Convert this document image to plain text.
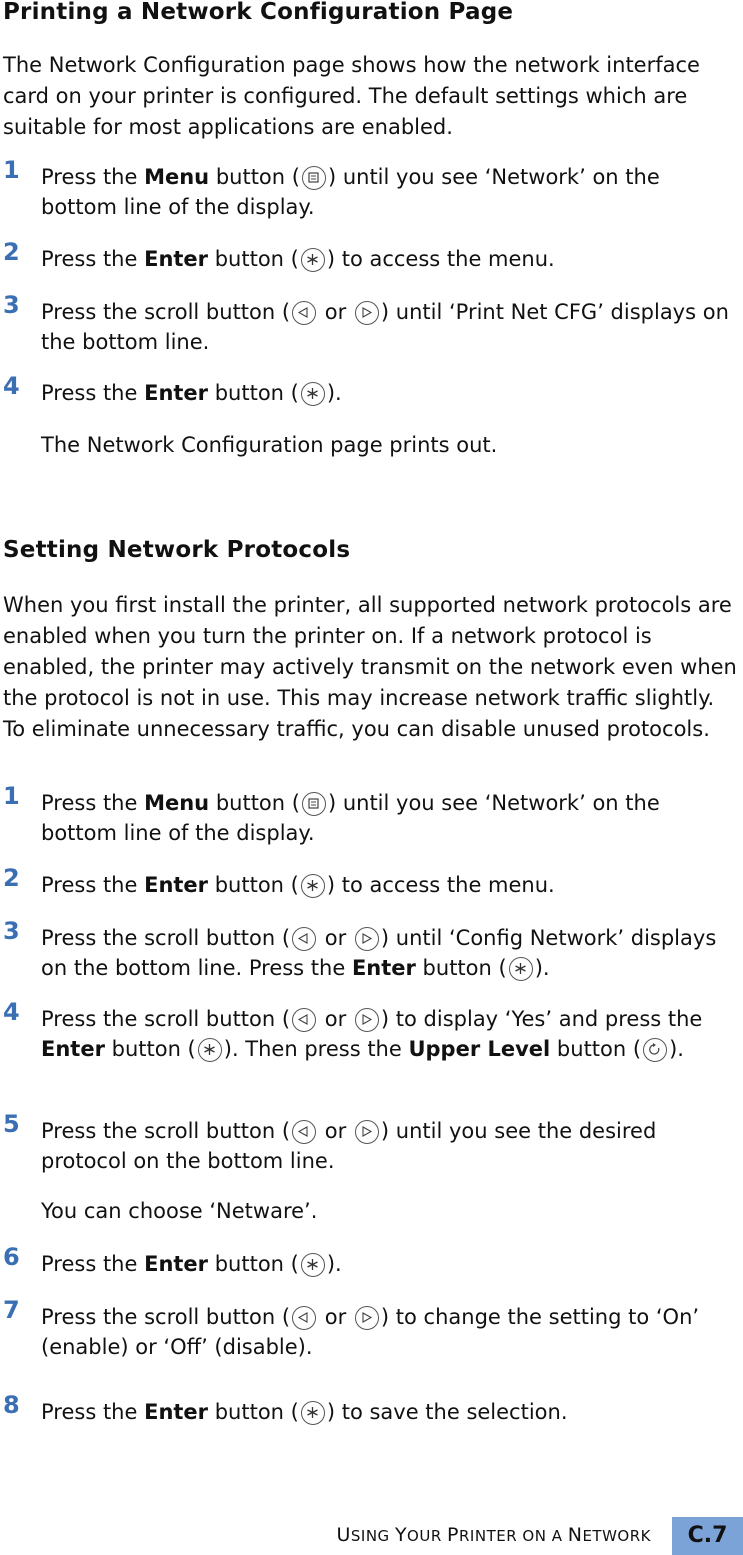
Printing a Network Configuration Page

The Network Configuration page shows how the network interface card on your printer is configured. The default settings which are suitable for most applications are enabled.

1 Press the Menu button ( ) until you see ‘Network’ on the bottom line of the display.
2 Press the Enter button ( ) to access the menu.
3 Press the scroll button (
or
) until ‘Print Net CFG’ displays on the bottom line.
4 Press the Enter button ( ).
The Network Configuration page prints out.
Setting Network Protocols

When you first install the printer, all supported network protocols are enabled when you turn the printer on. If a network protocol is enabled, the printer may actively transmit on the network even when the protocol is not in use. This may increase network traffic slightly. To eliminate unnecessary traffic, you can disable unused protocols.

1 Press the Menu button ( ) until you see ‘Network’ on the bottom line of the display.
2 Press the Enter button ( ) to access the menu.
3 Press the scroll button (
or
) until ‘Config Network’ displays on the bottom line. Press the Enter button ( ).
4 Press the scroll button (
or
) to display ‘Yes’ and press the Enter button ( ). Then press the Upper Level button ( ).
5 Press the scroll button (
or
) until you see the desired protocol on the bottom line.
You can choose ‘Netware’.
6 Press the Enter button ( ).
7 Press the scroll button (
or
) to change the setting to ‘On’ (enable) or ‘Off’ (disable).
8 Press the Enter button ( ) to save the selection.
USING YOUR PRINTER ON A NETWORK	C.7
